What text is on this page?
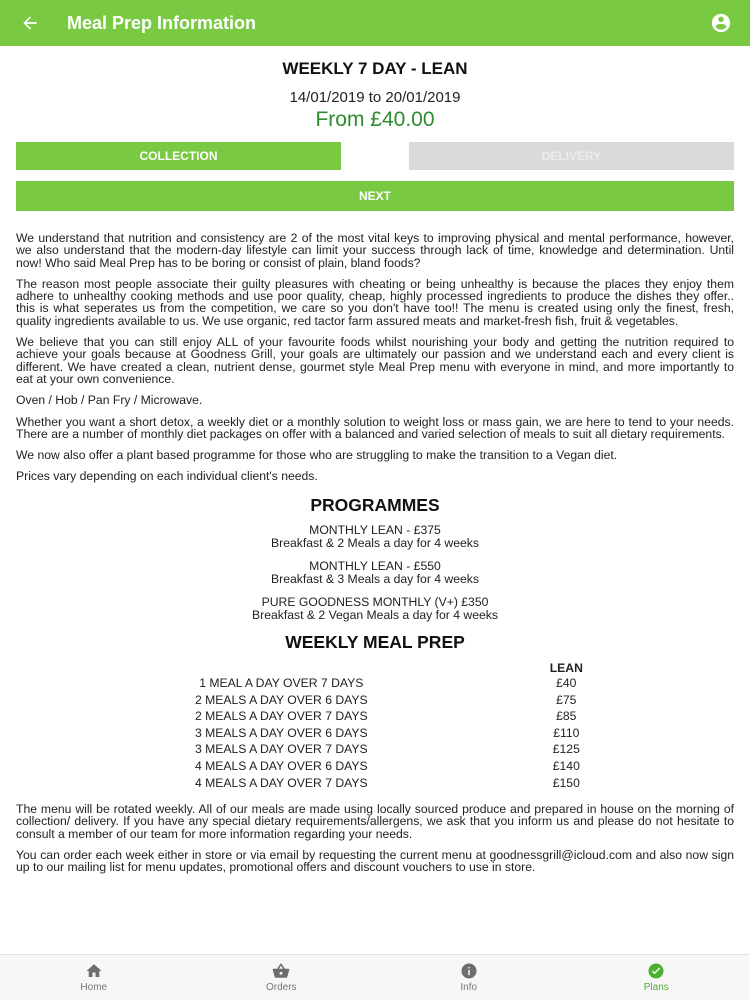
Meal Prep Information
WEEKLY 7 DAY - LEAN
14/01/2019 to 20/01/2019
From £40.00
COLLECTION	DELIVERY
NEXT

We understand that nutrition and consistency are 2 of the most vital keys to improving physical and mental performance, however, we also understand that the modern-day lifestyle can limit your success through lack of time, knowledge and determination. Until now! Who said Meal Prep has to be boring or consist of plain, bland foods?

The reason most people associate their guilty pleasures with cheating or being unhealthy is because the places they enjoy them adhere to unhealthy cooking methods and use poor quality, cheap, highly processed ingredients to produce the dishes they offer.. this is what seperates us from the competition, we care so you don't have too!! The menu is created using only the finest, fresh, quality ingredients available to us. We use organic, red tactor farm assured meats and market-fresh fish, fruit & vegetables.

We believe that you can still enjoy ALL of your favourite foods whilst nourishing your body and getting the nutrition required to achieve your goals because at Goodness Grill, your goals are ultimately our passion and we understand each and every client is different. We have created a clean, nutrient dense, gourmet style Meal Prep menu with everyone in mind, and more importantly to eat at your own convenience.

Oven / Hob / Pan Fry / Microwave.

Whether you want a short detox, a weekly diet or a monthly solution to weight loss or mass gain, we are here to tend to your needs. There are a number of monthly diet packages on offer with a balanced and varied selection of meals to suit all dietary requirements.

We now also offer a plant based programme for those who are struggling to make the transition to a Vegan diet.

Prices vary depending on each individual client's needs.

PROGRAMMES
MONTHLY LEAN - £375
Breakfast & 2 Meals a day for 4 weeks
MONTHLY LEAN - £550
Breakfast & 3 Meals a day for 4 weeks
PURE GOODNESS MONTHLY (V+) £350
Breakfast & 2 Vegan Meals a day for 4 weeks
WEEKLY MEAL PREP
	LEAN
1 MEAL A DAY OVER 7 DAYS	£40
2 MEALS A DAY OVER 6 DAYS	£75
2 MEALS A DAY OVER 7 DAYS	£85
3 MEALS A DAY OVER 6 DAYS	£110
3 MEALS A DAY OVER 7 DAYS	£125
4 MEALS A DAY OVER 6 DAYS	£140
4 MEALS A DAY OVER 7 DAYS	£150

The menu will be rotated weekly. All of our meals are made using locally sourced produce and prepared in house on the morning of collection/ delivery. If you have any special dietary requirements/allergens, we ask that you inform us and please do not hesitate to consult a member of our team for more information regarding your needs.

You can order each week either in store or via email by requesting the current menu at goodnessgrill@icloud.com and also now sign up to our mailing list for menu updates, promotional offers and discount vouchers to use in store.

Home	Orders	Info	Plans
